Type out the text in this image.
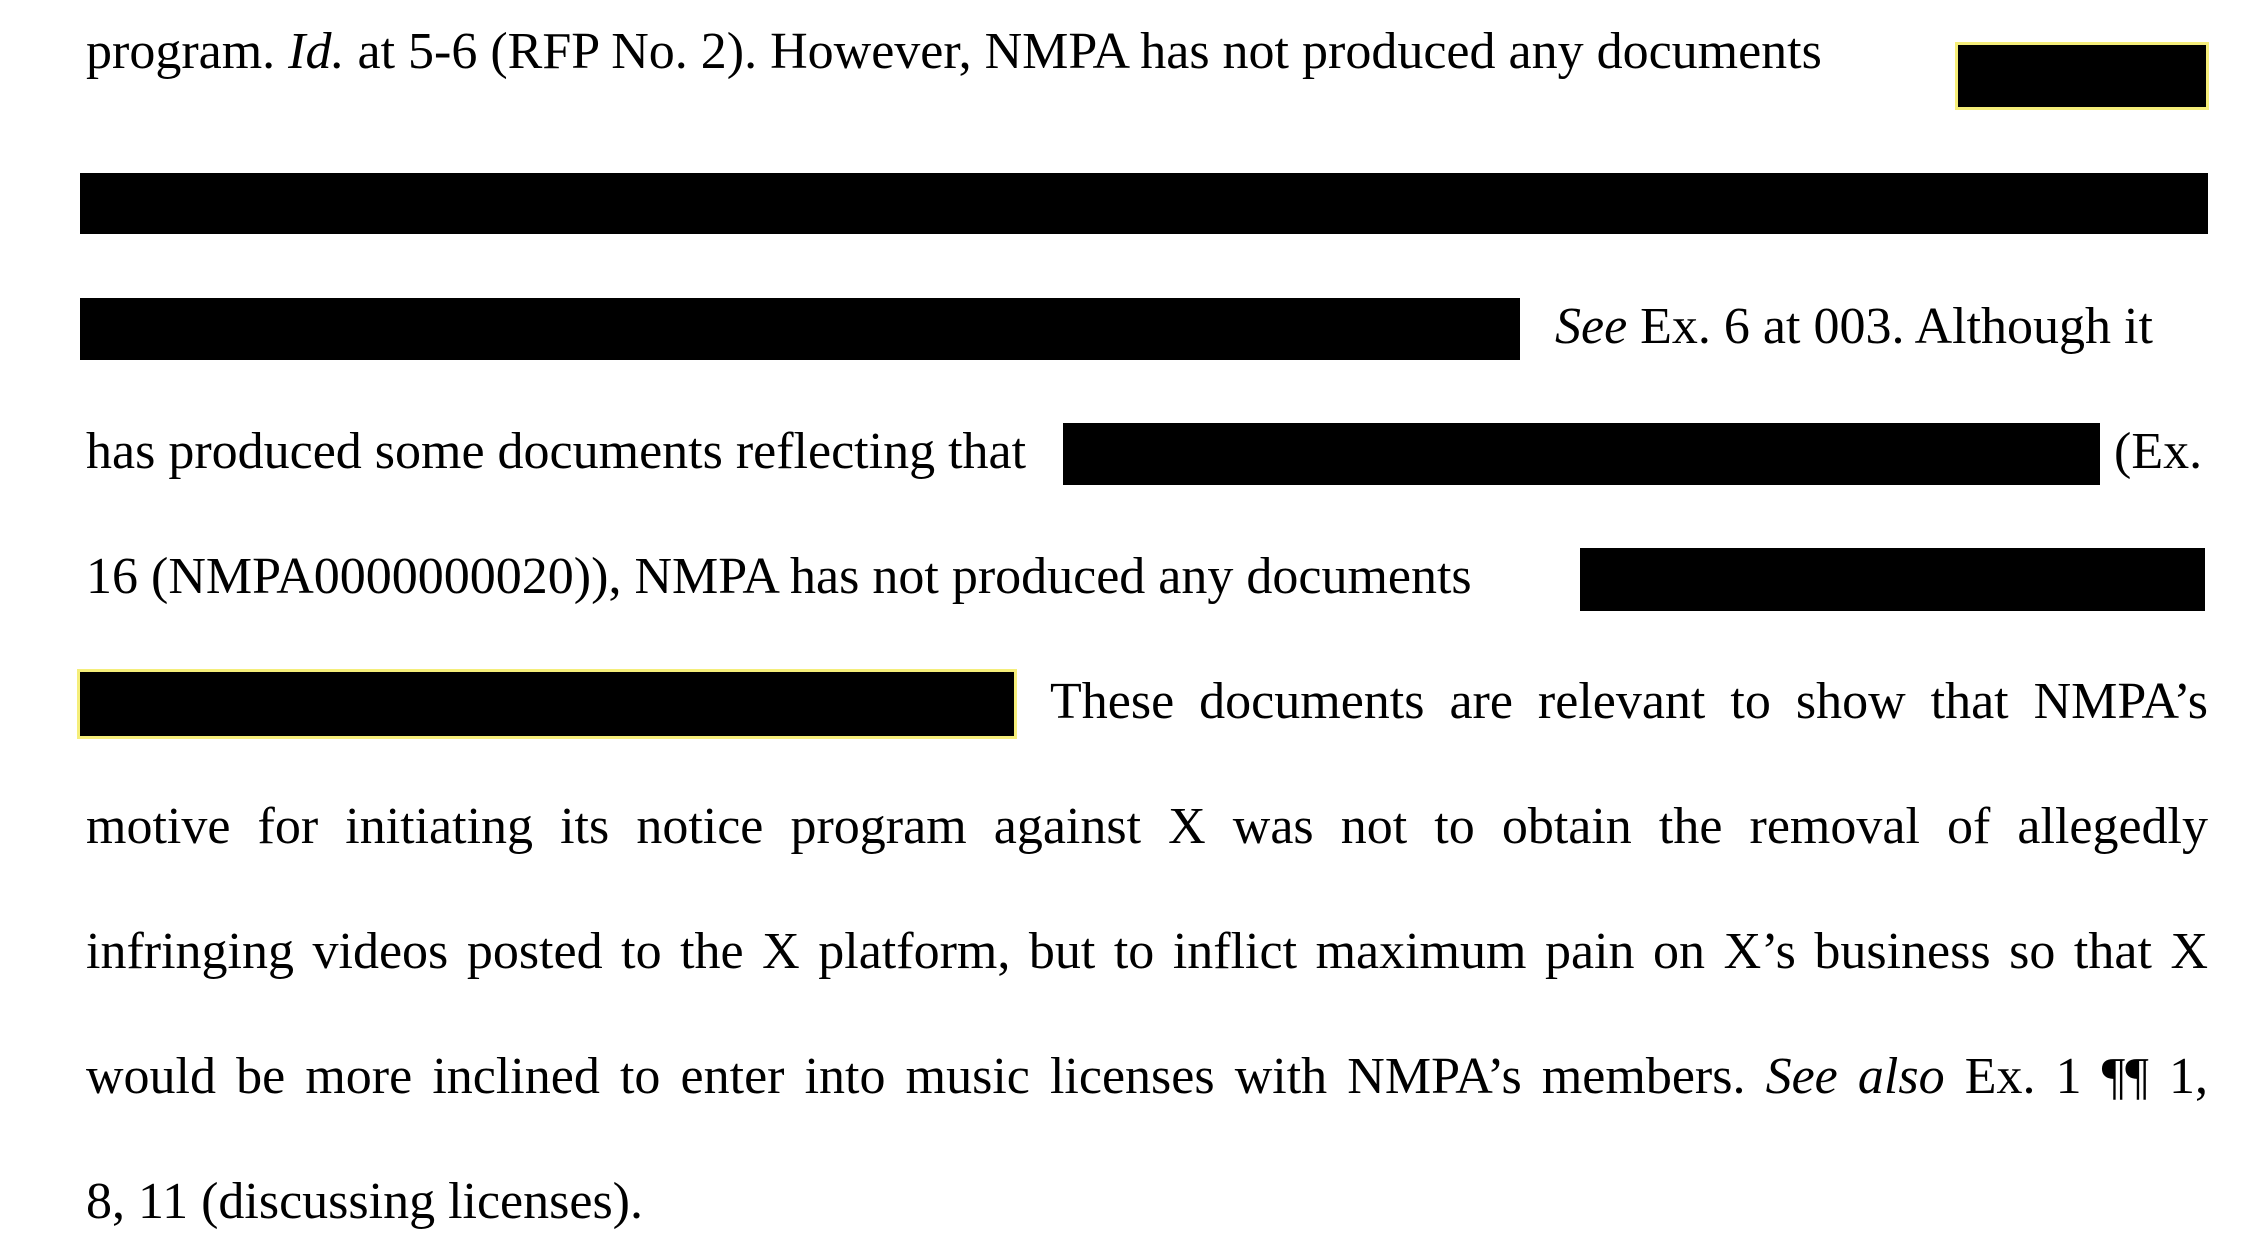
program. Id. at 5-6 (RFP No. 2). However, NMPA has not produced any documents
See Ex. 6 at 003. Although it
has produced some documents reflecting that	(Ex.
16 (NMPA0000000020)), NMPA has not produced any documents
These documents are relevant to show that NMPA’s
motive for initiating its notice program against X was not to obtain the removal of allegedly
infringing videos posted to the X platform, but to inflict maximum pain on X’s business so that X
would be more inclined to enter into music licenses with NMPA’s members. See also Ex. 1 ¶¶ 1,
8, 11 (discussing licenses).
